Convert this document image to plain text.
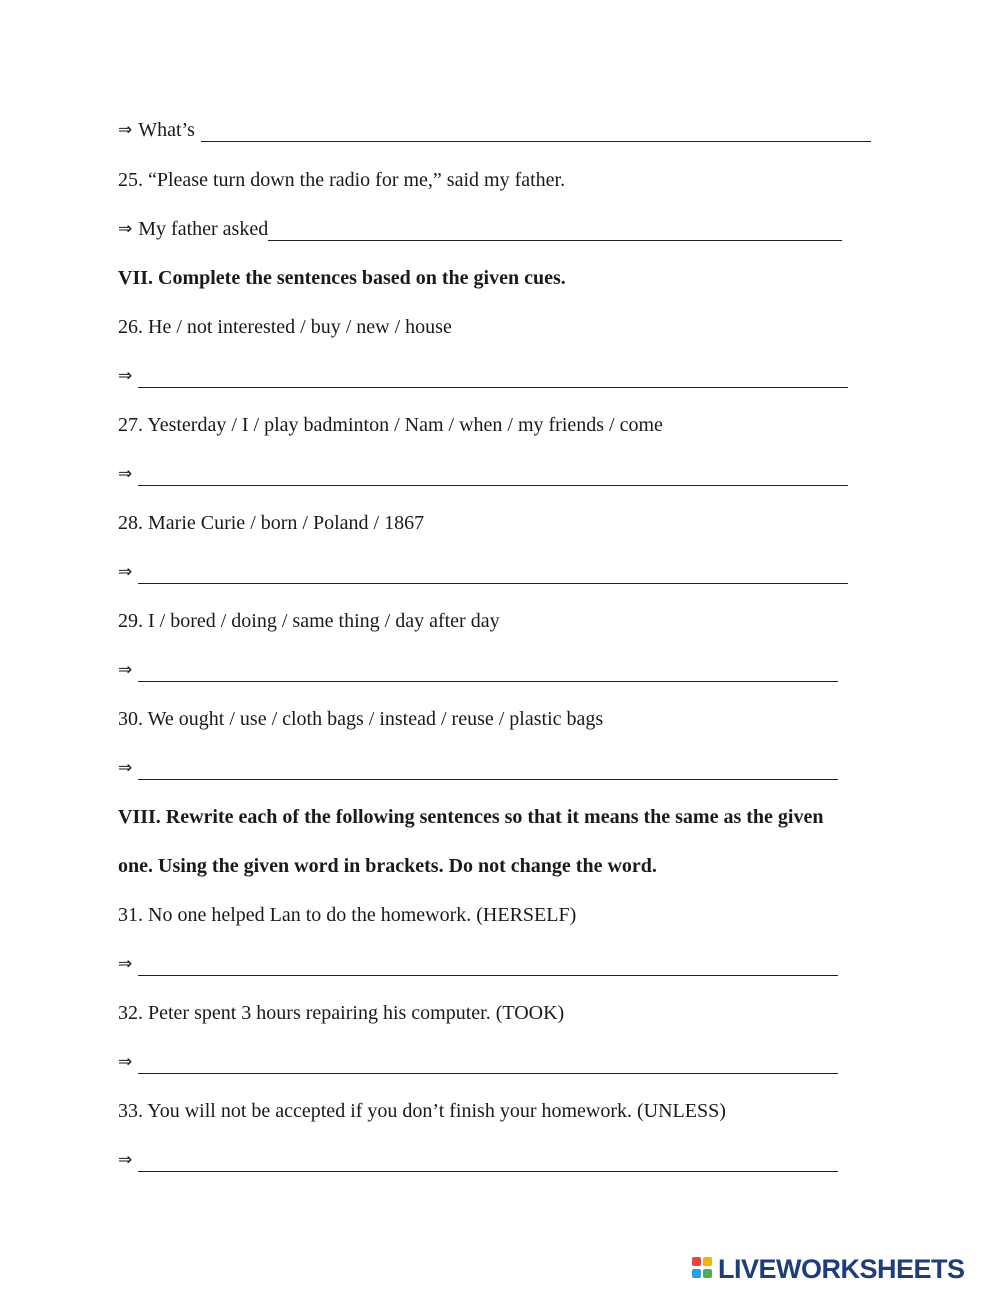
⇒ What’s
25. “Please turn down the radio for me,” said my father.
⇒ My father asked
VII. Complete the sentences based on the given cues.
26. He / not interested / buy / new / house
⇒
27. Yesterday / I / play badminton / Nam / when / my friends / come
⇒
28. Marie Curie / born / Poland / 1867
⇒
29. I / bored / doing / same thing / day after day
⇒
30. We ought / use / cloth bags / instead / reuse / plastic bags
⇒
VIII. Rewrite each of the following sentences so that it means the same as the given
one. Using the given word in brackets. Do not change the word.
31. No one helped Lan to do the homework. (HERSELF)
⇒
32. Peter spent 3 hours repairing his computer. (TOOK)
⇒
33. You will not be accepted if you don’t finish your homework. (UNLESS)
⇒
LIVEWORKSHEETS
